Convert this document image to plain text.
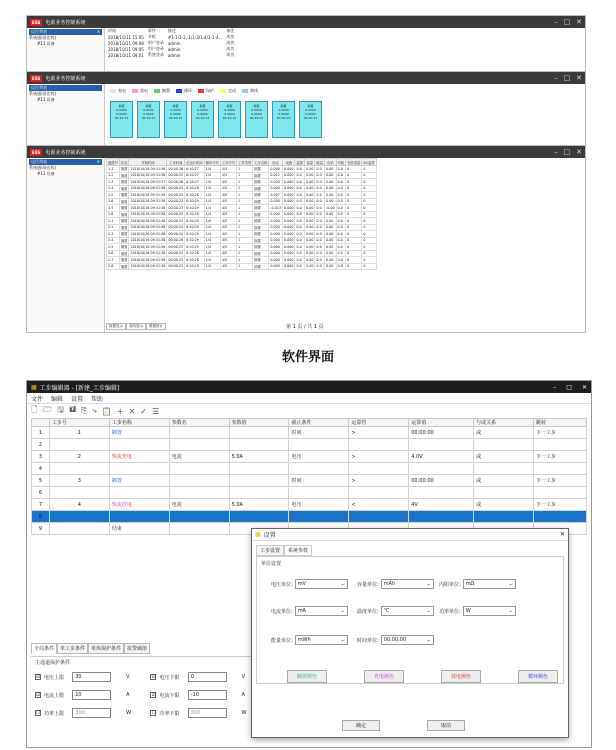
ESS	电源业务控制系统	– □ ✕
运行列表	✕
系统通讯(在线)
#11 设备
时间	事件	描述	备注
2018/10/11 15:05	开机	#1-1/1-2,-1/1-3/1-4/1-1-4...	成功
2018/10/11 09:08	用户登录	admin	成功
2018/10/11 09:05	用户登录	admin	成功
2018/10/11 09:01	系统登录	admin	成功
ESS	电源业务控制系统	– □ ✕
运行列表
系统通讯(在线)
#11 设备
充电	放电	搁置	循环	保护	完成	离线
搁置
0.0000
0.0000
00:10:12
搁置
0.0000
0.0000
00:10:12
搁置
0.0000
0.0000
00:10:12
搁置
0.0000
0.0000
00:10:12
搁置
0.0000
0.0000
00:10:12
搁置
0.0000
0.0000
00:10:12
搁置
0.0000
0.0000
00:10:12
搁置
0.0000
0.0000
00:10:12
ESS	电源业务控制系统	– □ ✕
运行列表	✕
系统通讯(在线)
#11 设备
通道号	状态	开始时间	工步时间	总运行时间	循环序号	工步序号	工步类型	工步名称	电压	电流	温度	容量	能量	功率	内阻	充放电量	DC温度
1-1	搁置	2018/10/16 09:31:36	00:00:26	0:10:27	1/4	4/5	1	搁置	0.000	0.000	0.0	0.00	0.0	0.00	0.0	0	0
1-2	搁置	2018/10/16 09:31:36	00:00:25	0:10:27	1/4	4/5	1	搁置	0.012	0.000	0.0	0.00	0.0	0.00	0.0	0	0
1-3	搁置	2018/10/16 09:31:37	00:00:26	0:10:27	1/4	4/5	1	搁置	0.000	0.000	0.0	0.00	0.0	0.00	0.0	0	0
1-4	搁置	2018/10/16 09:31:36	00:00:23	0:10:29	1/4	4/5	1	搁置	0.000	0.000	0.0	0.00	0.0	0.00	0.0	0	0
1-5	搁置	2018/10/16 09:31:36	00:00:23	0:10:28	1/4	4/5	1	搁置	0.007	0.000	0.0	0.00	0.0	0.00	0.0	0	0
1-6	搁置	2018/10/16 09:31:36	00:00:23	0:10:29	1/4	4/5	1	搁置	0.000	0.000	0.0	0.00	0.0	0.00	0.0	0	0
1-7	搁置	2018/10/16 09:31:36	00:00:23	0:10:29	1/4	4/5	1	搁置	-0.013	0.000	0.0	0.00	0.0	-0.00	0.0	0	0
1-8	搁置	2018/10/16 09:31:36	00:00:23	0:10:29	1/4	4/5	1	搁置	0.000	0.000	0.0	0.00	0.0	0.00	0.0	0	0
2-1	搁置	2018/10/16 09:31:36	00:00:23	0:10:29	1/4	4/5	1	搁置	0.000	0.000	0.0	0.00	0.0	0.00	0.0	0	0
2-2	搁置	2018/10/16 09:31:36	00:00:24	0:10:29	1/4	4/5	1	搁置	0.000	0.000	0.0	0.00	0.0	0.00	0.0	0	0
2-3	搁置	2018/10/16 09:31:36	00:00:24	0:10:29	1/4	4/5	1	搁置	0.000	0.000	0.0	0.00	0.0	0.00	0.0	0	0
2-4	搁置	2018/10/16 09:31:36	00:00:26	0:10:29	1/4	4/5	1	搁置	0.000	0.000	0.0	0.00	0.0	0.00	0.0	0	0
2-5	搁置	2018/10/16 09:31:36	00:00:23	0:10:29	1/4	4/5	1	搁置	0.000	0.000	0.0	0.00	0.0	0.00	0.0	0	0
2-6	搁置	2018/10/16 09:31:36	00:00:23	0:10:28	1/4	4/5	1	搁置	0.000	0.000	0.0	0.00	0.0	0.00	0.0	0	0
2-7	搁置	2018/10/16 09:31:36	00:00:23	0:10:28	1/4	4/5	1	搁置	0.000	0.000	0.0	0.00	0.0	0.00	0.0	0	0
2-8	搁置	2018/10/16 09:31:36	00:00:23	0:10:29	1/4	4/5	1	搁置	0.000	0.000	0.0	0.00	0.0	0.00	0.0	0	0
数据显示	曲线显示	数据统计	第 1 页 / 共 1 页
软件界面
▦ 工步编辑器 - [新建_工步编辑]	– □ ✕
文件 编辑 设置 帮助
🗋 🗁 🖫 🖬 ⎘ ⤷ 📋 + ✕ ✓ ☰
	工步号	工步名称	参数名	参数值	截止条件	运算符	运算值	与或关系	跳转
1	1	搁置			时间	>	00:00:00	或	下一工步
2									
3	2	恒流充电	电流	5.0A	电压	>	4.0V	或	下一工步
4									
5	3	搁置			时间	>	00:00:00	或	下一工步
6									
7	4	恒流放电	电流	5.0A	电压	<	4V	或	下一工步
8									
9		结束							
全局条件	单工步条件	单体保护条件	报警阈值
主通道保护条件
☑ 电压上限	30	V	☑ 电压下限	0	V
☑ 电流上限	10	A	☑ 电流下限	-10	A
☐ 功率上限	300	W	☐ 功率下限	300	W
▦ 设置	✕
工步设置	系统参数
单位设置
电压单位: mV	⌄ 容量单位: mAh	⌄ 内阻单位: mΩ	⌄
电流单位: mA	⌄ 温度单位: ℃	⌄ 功率单位: W	⌄
能量单位: mWh	⌄ 时间单位: 00:00:00	⌄
搁置颜色	充电颜色	放电颜色	循环颜色
确定	取消
